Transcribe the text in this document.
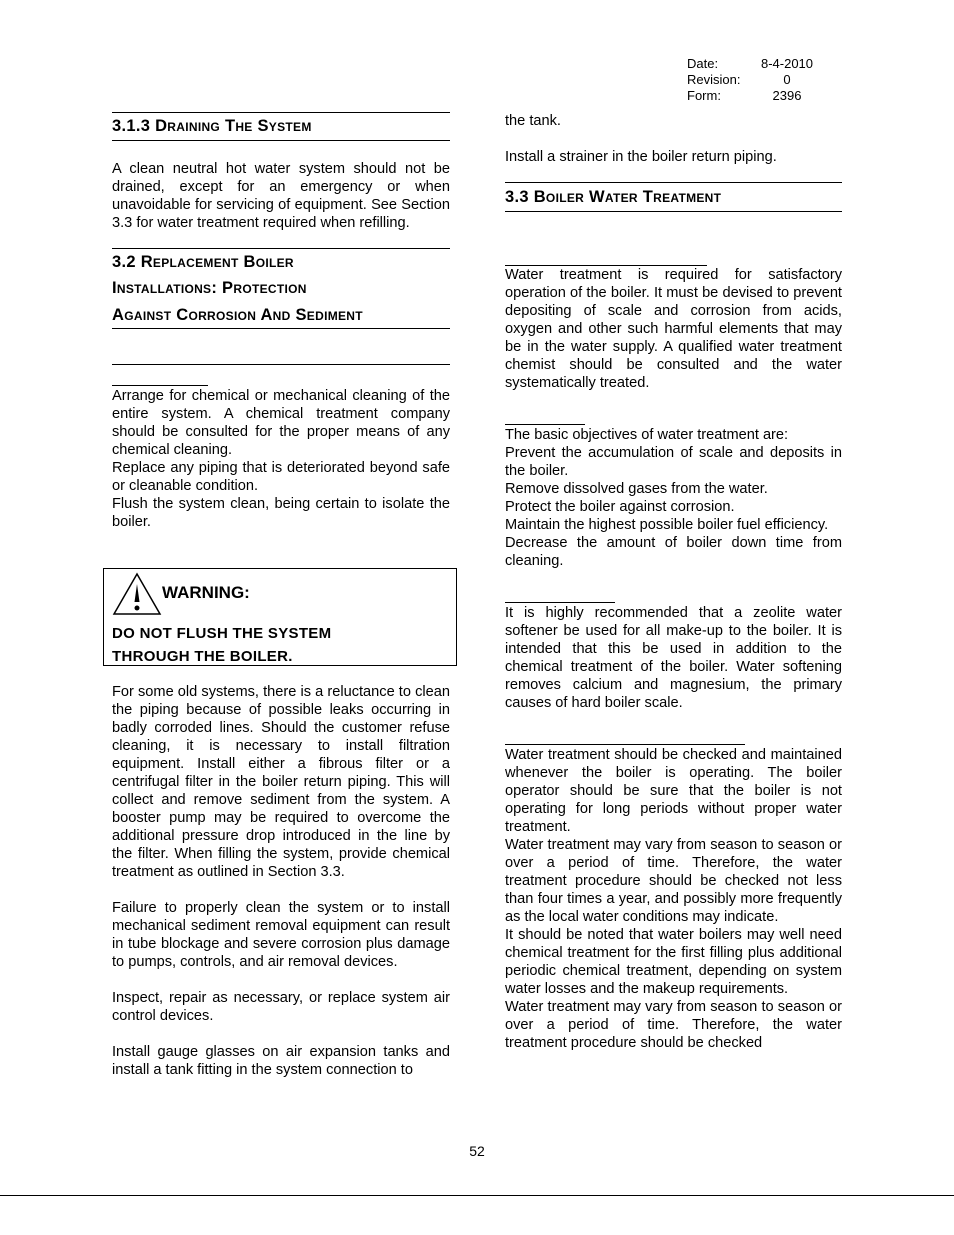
Date:	8-4-2010
Revision:	0
Form:	2396
3.1.3 Draining The System

A clean neutral hot water system should not be drained, except for an emergency or when unavoidable for servicing of equipment. See Section 3.3 for water treatment required when refilling.

3.2 Replacement Boiler
Installations: Protection
Against Corrosion And Sediment

Arrange for chemical or mechanical cleaning of the entire system. A chemical treatment company should be consulted for the proper means of any chemical cleaning.

Replace any piping that is deteriorated beyond safe or cleanable condition.

Flush the system clean, being certain to isolate the boiler.

WARNING:
DO NOT FLUSH THE SYSTEM
THROUGH THE BOILER.

For some old systems, there is a reluctance to clean the piping because of possible leaks occurring in badly corroded lines. Should the customer refuse cleaning, it is necessary to install filtration equipment. Install either a fibrous filter or a centrifugal filter in the boiler return piping. This will collect and remove sediment from the system. A booster pump may be required to overcome the additional pressure drop introduced in the line by the filter. When filling the system, provide chemical treatment as outlined in Section 3.3.

Failure to properly clean the system or to install mechanical sediment removal equipment can result in tube blockage and severe corrosion plus damage to pumps, controls, and air removal devices.

Inspect, repair as necessary, or replace system air control devices.

Install gauge glasses on air expansion tanks and install a tank fitting in the system connection to

the tank.

Install a strainer in the boiler return piping.

3.3 Boiler Water Treatment

Water treatment is required for satisfactory operation of the boiler. It must be devised to prevent depositing of scale and corrosion from acids, oxygen and other such harmful elements that may be in the water supply. A qualified water treatment chemist should be consulted and the water systematically treated.

The basic objectives of water treatment are:

Prevent the accumulation of scale and deposits in the boiler.

Remove dissolved gases from the water.

Protect the boiler against corrosion.

Maintain the highest possible boiler fuel efficiency.

Decrease the amount of boiler down time from cleaning.

It is highly recommended that a zeolite water softener be used for all make-up to the boiler. It is intended that this be used in addition to the chemical treatment of the boiler. Water softening removes calcium and magnesium, the primary causes of hard boiler scale.

Water treatment should be checked and maintained whenever the boiler is operating. The boiler operator should be sure that the boiler is not operating for long periods without proper water treatment.

Water treatment may vary from season to season or over a period of time. Therefore, the water treatment procedure should be checked not less than four times a year, and possibly more frequently as the local water conditions may indicate.

It should be noted that water boilers may well need chemical treatment for the first filling plus additional periodic chemical treatment, depending on system water losses and the makeup requirements.

Water treatment may vary from season to season or over a period of time. Therefore, the water treatment procedure should be checked

52
